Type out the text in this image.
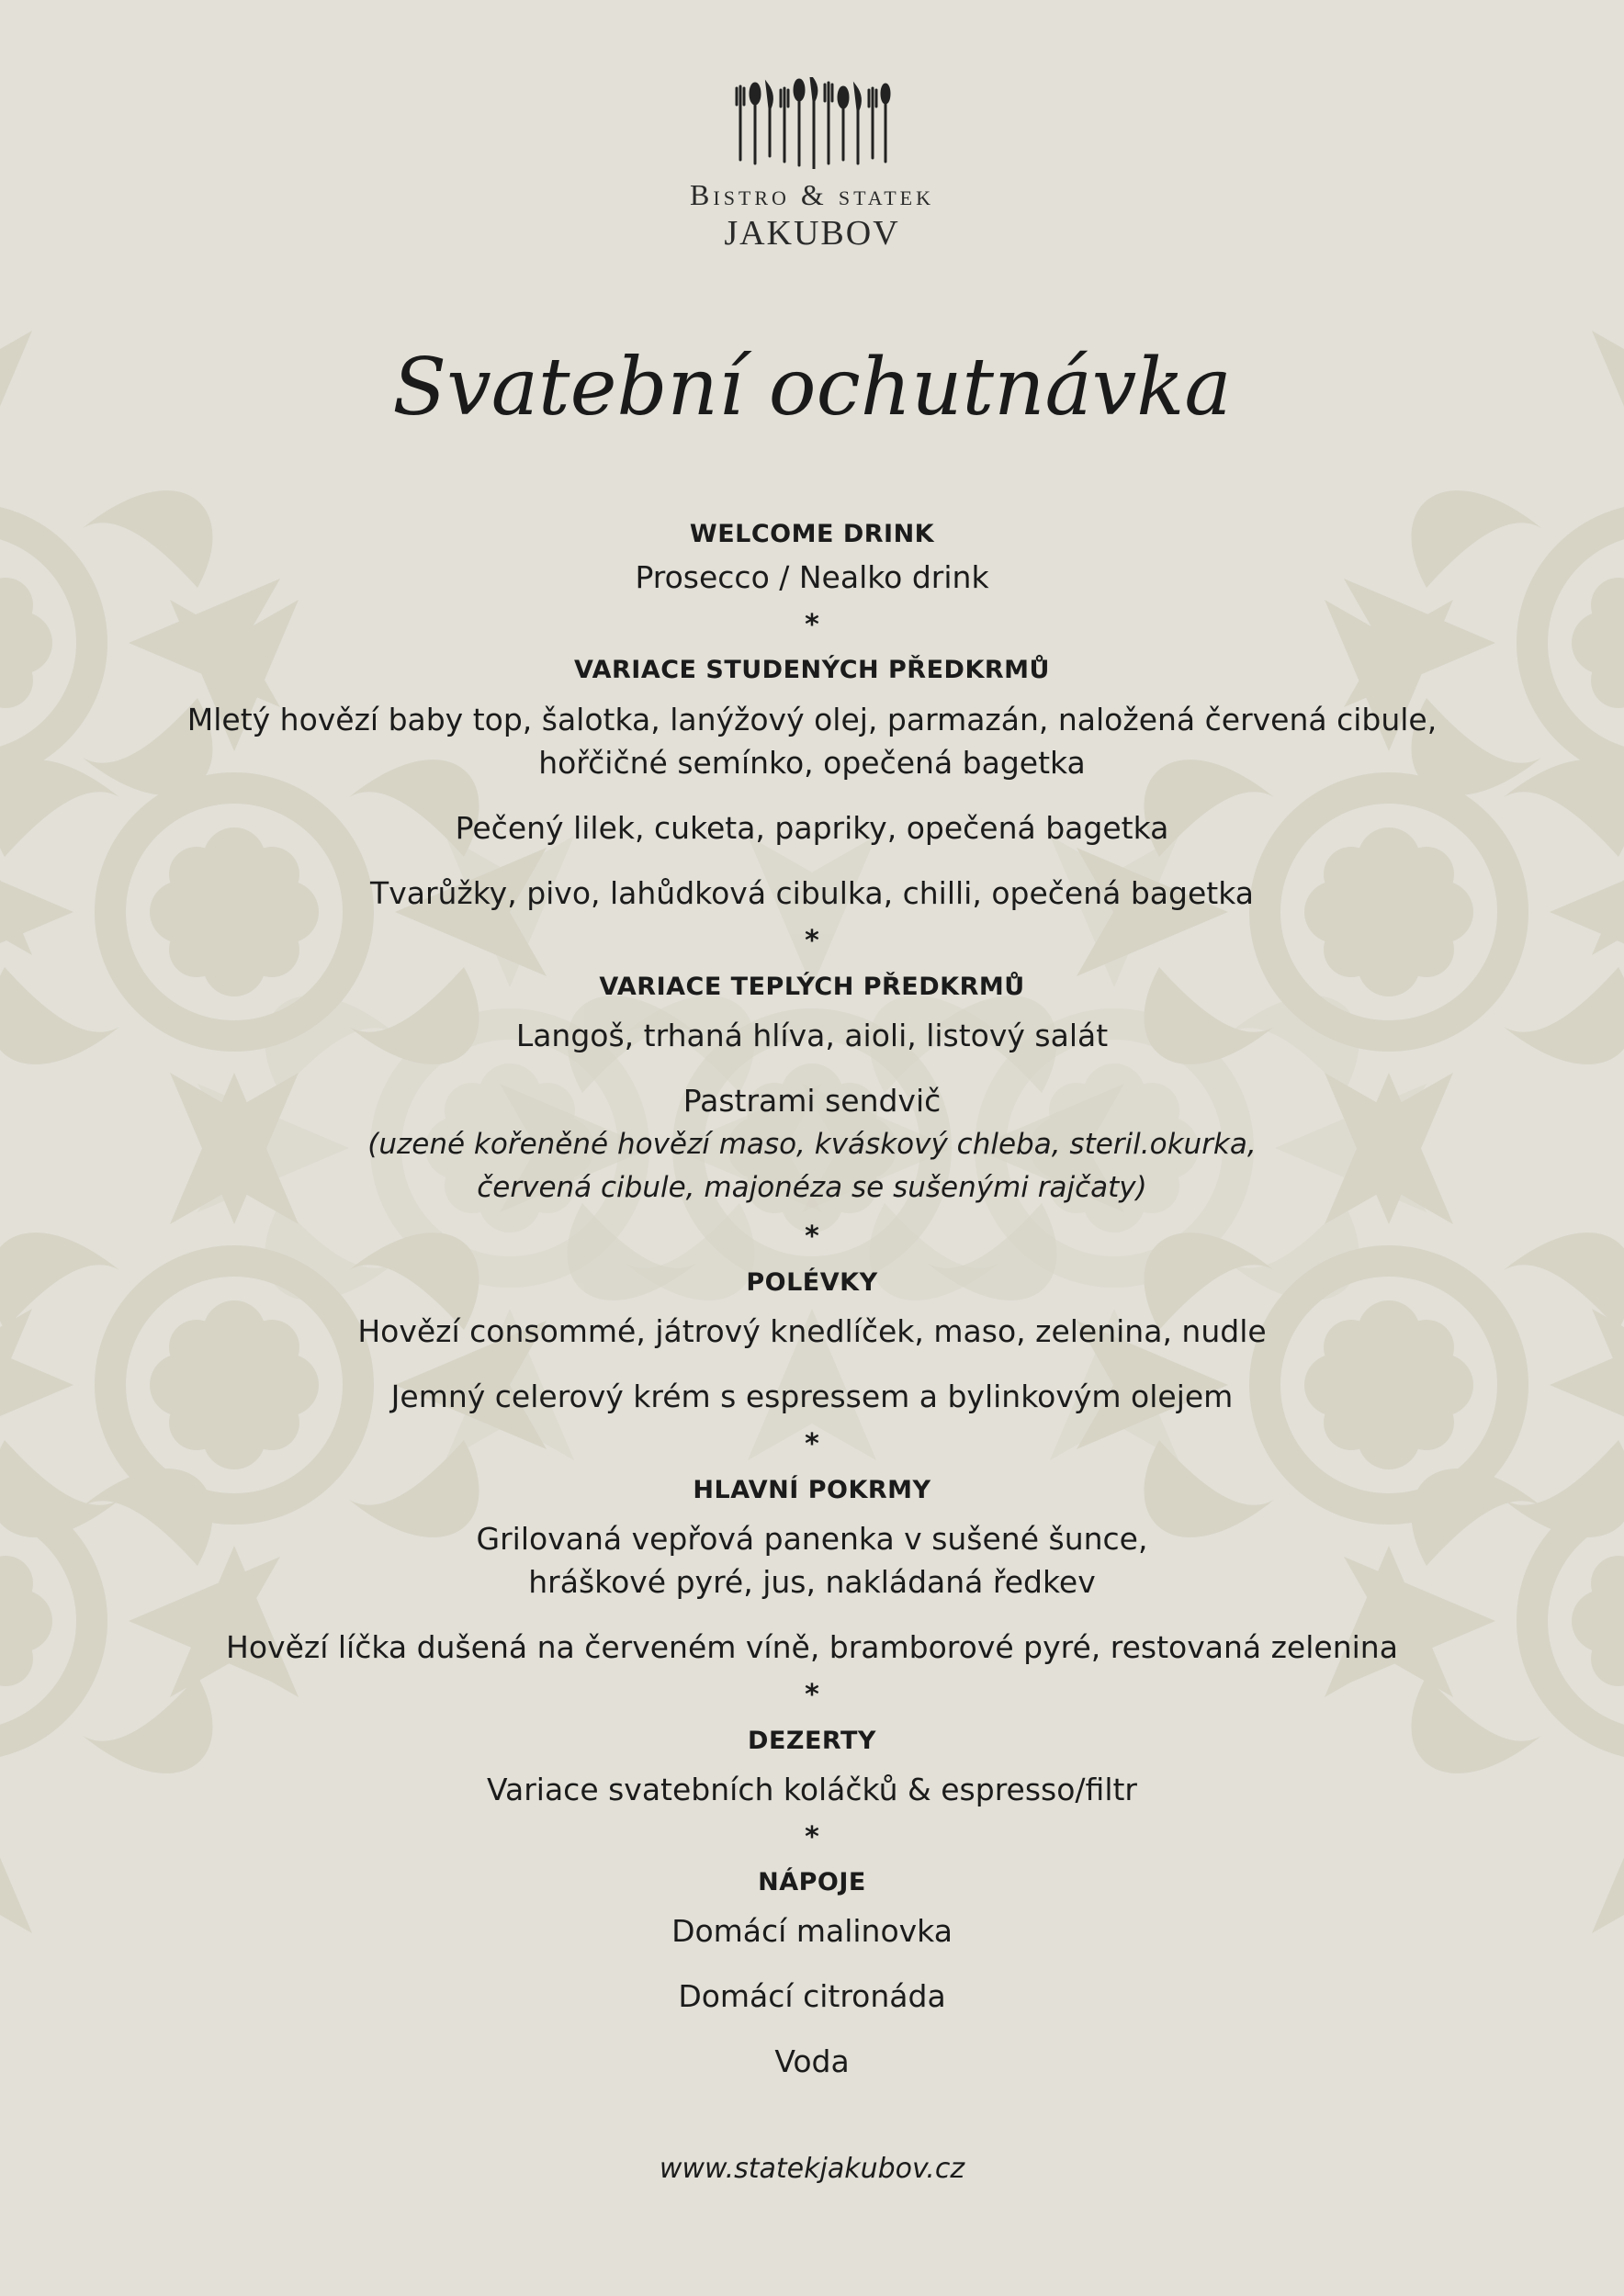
Bistro & statek
JAKUBOV
Svatební ochutnávka
WELCOME DRINK
Prosecco / Nealko drink
*
VARIACE STUDENÝCH PŘEDKRMŮ
Mletý hovězí baby top, šalotka, lanýžový olej, parmazán, naložená červená cibule,
hořčičné semínko, opečená bagetka
Pečený lilek, cuketa, papriky, opečená bagetka
Tvarůžky, pivo, lahůdková cibulka, chilli, opečená bagetka
*
VARIACE TEPLÝCH PŘEDKRMŮ
Langoš, trhaná hlíva, aioli, listový salát
Pastrami sendvič
(uzené kořeněné hovězí maso, kváskový chleba, steril.okurka,
červená cibule, majonéza se sušenými rajčaty)
*
POLÉVKY
Hovězí consommé, játrový knedlíček, maso, zelenina, nudle
Jemný celerový krém s espressem a bylinkovým olejem
*
HLAVNÍ POKRMY
Grilovaná vepřová panenka v sušené šunce,
hráškové pyré, jus, nakládaná ředkev
Hovězí líčka dušená na červeném víně, bramborové pyré, restovaná zelenina
*
DEZERTY
Variace svatebních koláčků & espresso/filtr
*
NÁPOJE
Domácí malinovka
Domácí citronáda
Voda
www.statekjakubov.cz
